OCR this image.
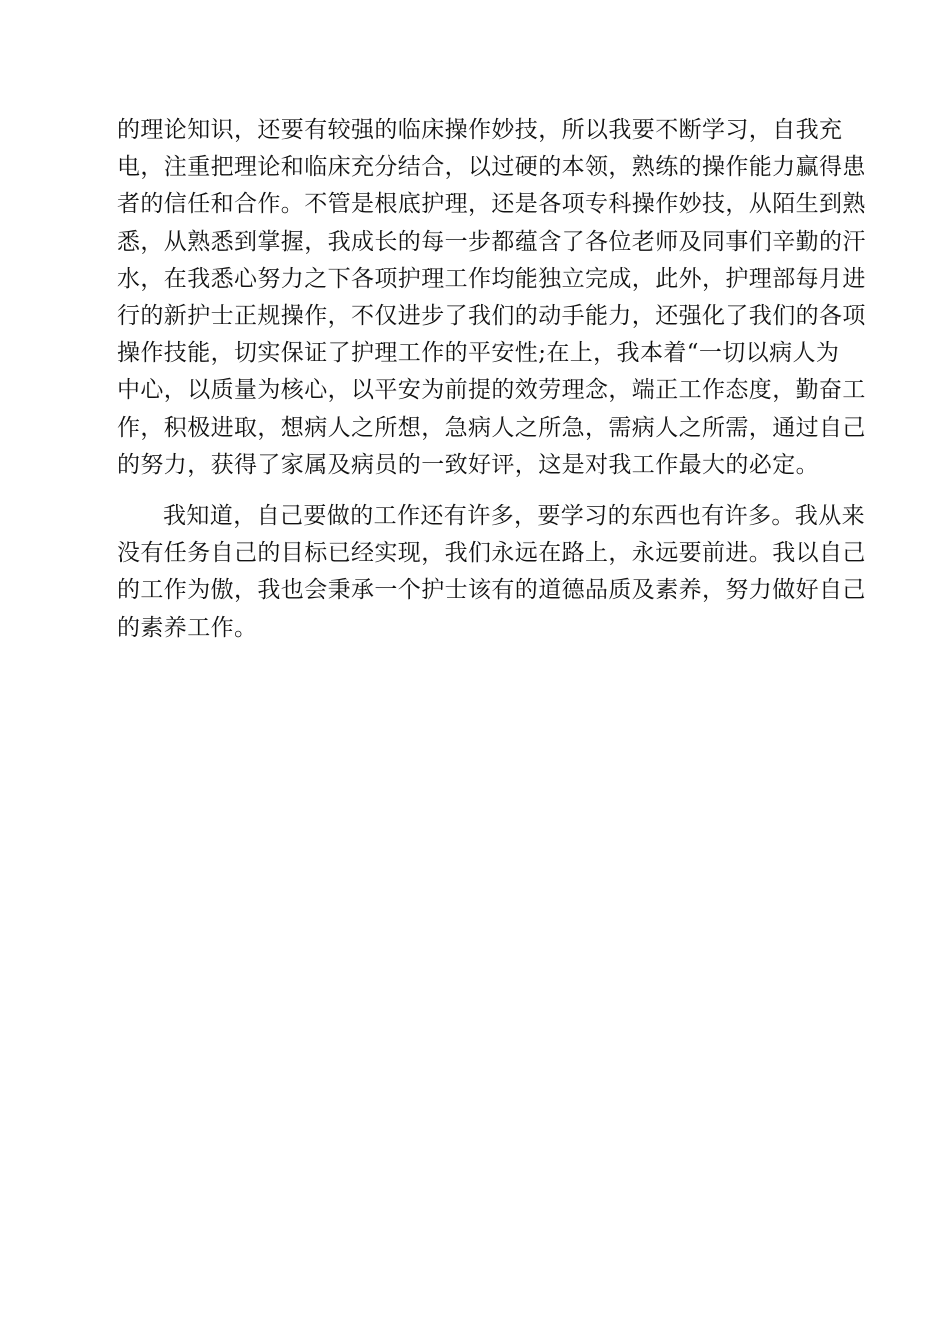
的理论知识，还要有较强的临床操作妙技，所以我要不断学习，自我充
电，注重把理论和临床充分结合，以过硬的本领，熟练的操作能力赢得患
者的信任和合作。不管是根底护理，还是各项专科操作妙技，从陌生到熟
悉，从熟悉到掌握，我成长的每一步都蕴含了各位老师及同事们辛勤的汗
水，在我悉心努力之下各项护理工作均能独立完成，此外，护理部每月进
行的新护士正规操作，不仅进步了我们的动手能力，还强化了我们的各项
操作技能，切实保证了护理工作的平安性;在上，我本着“一切以病人为
中心，以质量为核心，以平安为前提的效劳理念，端正工作态度，勤奋工
作，积极进取，想病人之所想，急病人之所急，需病人之所需，通过自己
的努力，获得了家属及病员的一致好评，这是对我工作最大的必定。

我知道，自己要做的工作还有许多，要学习的东西也有许多。我从来
没有任务自己的目标已经实现，我们永远在路上，永远要前进。我以自己
的工作为傲，我也会秉承一个护士该有的道德品质及素养，努力做好自己
的素养工作。
